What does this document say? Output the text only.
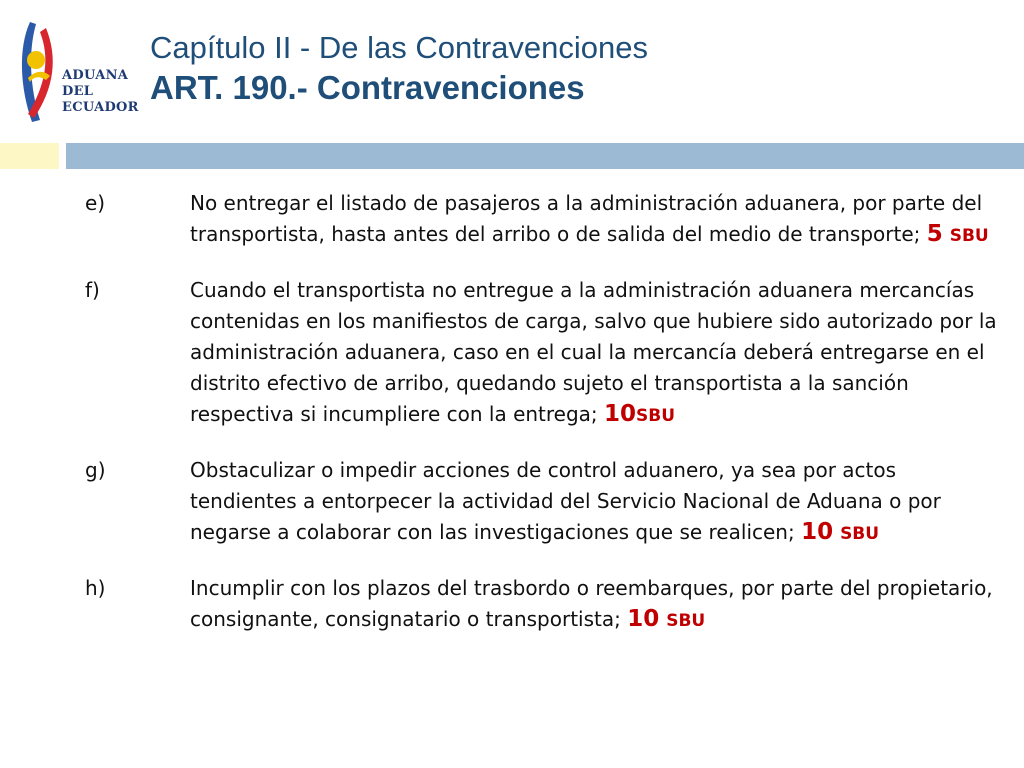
ADUANA
DEL
ECUADOR
Capítulo II - De las Contravenciones
ART. 190.- Contravenciones
e)	No entregar el listado de pasajeros a la administración aduanera, por parte del transportista, hasta antes del arribo o de salida del medio de transporte; 5 SBU
f)	Cuando el transportista no entregue a la administración aduanera mercancías contenidas en los manifiestos de carga, salvo que hubiere sido autorizado por la administración aduanera, caso en el cual la mercancía deberá entregarse en el distrito efectivo de arribo, quedando sujeto el transportista a la sanción respectiva si incumpliere con la entrega; 10SBU
g)	Obstaculizar o impedir acciones de control aduanero, ya sea por actos tendientes a entorpecer la actividad del Servicio Nacional de Aduana o por negarse a colaborar con las investigaciones que se realicen; 10 SBU
h)	Incumplir con los plazos del trasbordo o reembarques, por parte del propietario, consignante, consignatario o transportista; 10 SBU
